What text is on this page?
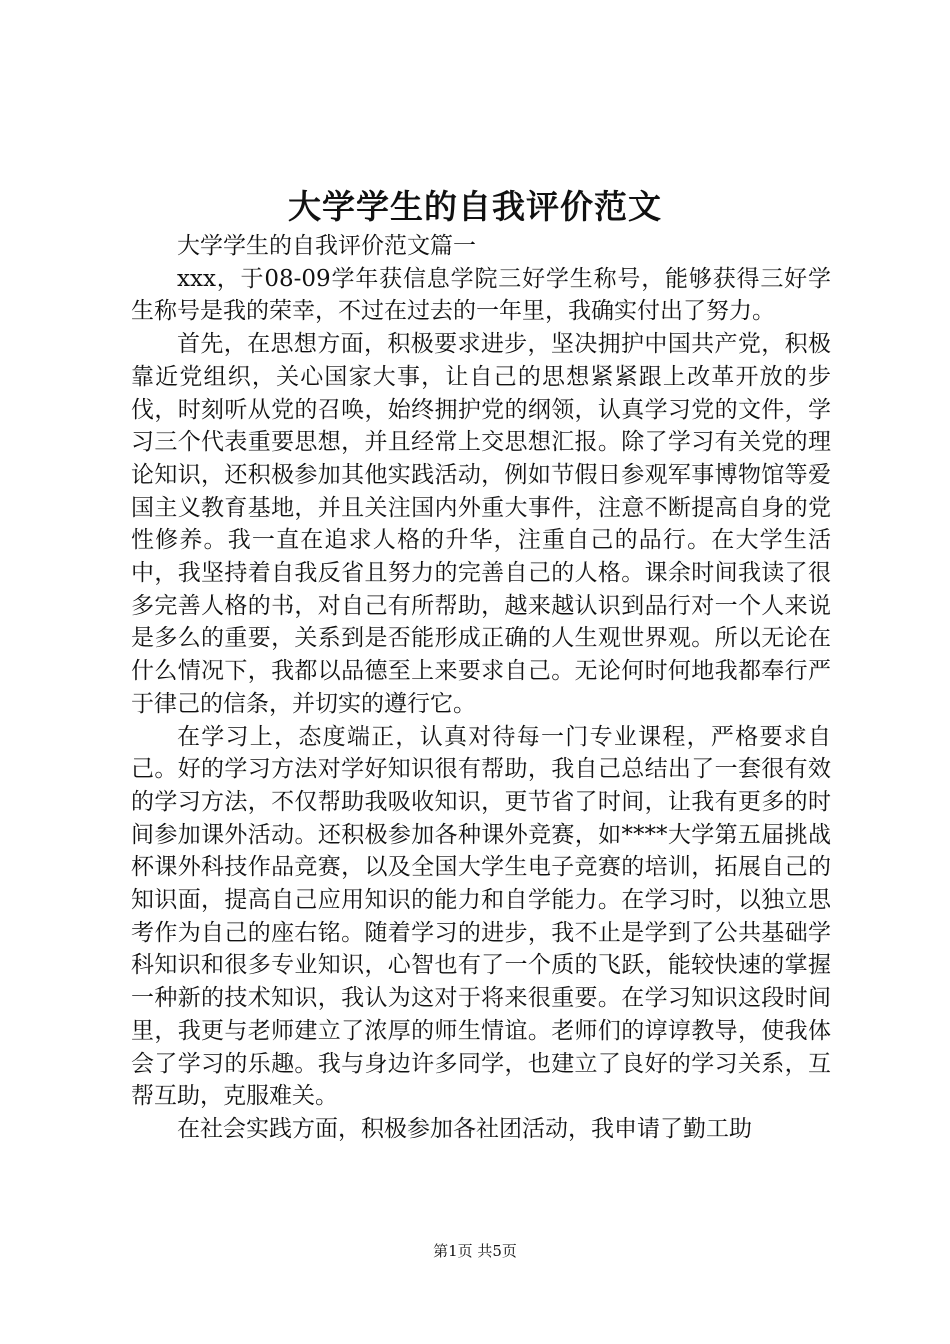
大学学生的自我评价范文

大学学生的自我评价范文篇一

xxx，于08-09学年获信息学院三好学生称号，能够获得三好学生称号是我的荣幸，不过在过去的一年里，我确实付出了努力。

首先，在思想方面，积极要求进步，坚决拥护中国共产党，积极靠近党组织，关心国家大事，让自己的思想紧紧跟上改革开放的步伐，时刻听从党的召唤，始终拥护党的纲领，认真学习党的文件，学习三个代表重要思想，并且经常上交思想汇报。除了学习有关党的理论知识，还积极参加其他实践活动，例如节假日参观军事博物馆等爱国主义教育基地，并且关注国内外重大事件，注意不断提高自身的党性修养。我一直在追求人格的升华，注重自己的品行。在大学生活中，我坚持着自我反省且努力的完善自己的人格。课余时间我读了很多完善人格的书，对自己有所帮助，越来越认识到品行对一个人来说是多么的重要，关系到是否能形成正确的人生观世界观。所以无论在什么情况下，我都以品德至上来要求自己。无论何时何地我都奉行严于律己的信条，并切实的遵行它。

在学习上，态度端正，认真对待每一门专业课程，严格要求自己。好的学习方法对学好知识很有帮助，我自己总结出了一套很有效的学习方法，不仅帮助我吸收知识，更节省了时间，让我有更多的时间参加课外活动。还积极参加各种课外竞赛，如****大学第五届挑战杯课外科技作品竞赛，以及全国大学生电子竞赛的培训，拓展自己的知识面，提高自己应用知识的能力和自学能力。在学习时，以独立思考作为自己的座右铭。随着学习的进步，我不止是学到了公共基础学科知识和很多专业知识，心智也有了一个质的飞跃，能较快速的掌握一种新的技术知识，我认为这对于将来很重要。在学习知识这段时间里，我更与老师建立了浓厚的师生情谊。老师们的谆谆教导，使我体会了学习的乐趣。我与身边许多同学，也建立了良好的学习关系，互帮互助，克服难关。

在社会实践方面，积极参加各社团活动，我申请了勤工助

第1页 共5页
